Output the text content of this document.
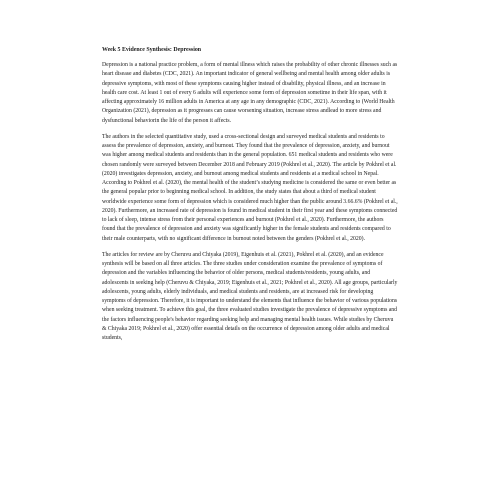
Week 5 Evidence Synthesis: Depression

Depression is a national practice problem, a form of mental illness which raises the probability of other chronic illnesses such as heart disease and diabetes (CDC, 2021). An important indicator of general wellbeing and mental health among older adults is depressive symptoms, with most of these symptoms causing higher instead of disability, physical illness, and an increase in health care cost. At least 1 out of every 6 adults will experience some form of depression sometime in their life span, with it affecting approximately 16 million adults in America at any age in any demographic (CDC, 2021). According to (World Health Organization (2021), depression as it progresses can cause worsening situation, increase stress andlead to more stress and dysfunctional behaviorin the life of the person it affects.

The authors in the selected quantitative study, used a cross-sectional design and surveyed medical students and residents to assess the prevalence of depression, anxiety, and burnout. They found that the prevalence of depression, anxiety, and burnout was higher among medical students and residents than in the general population. 651 medical students and residents who were chosen randomly were surveyed between December 2018 and February 2019 (Pokhrel et al., 2020). The article by Pokhrel et al. (2020) investigates depression, anxiety, and burnout among medical students and residents at a medical school in Nepal. According to Pokhrel et al. (2020), the mental health of the student’s studying medicine is considered the same or even better as the general popular prior to beginning medical school. In addition, the study states that about a third of medical student worldwide experience some form of depression which is considered much higher than the public around 3.66.6% (Pokhrel et al., 2020). Furthermore, an increased rate of depression is found in medical student in their first year and these symptoms connected to lack of sleep, intense stress from their personal experiences and burnout (Pokhrel et al., 2020). Furthermore, the authors found that the prevalence of depression and anxiety was significantly higher in the female students and residents compared to their male counterparts, with no significant difference in burnout noted between the genders (Pokhrel et al., 2020).

The articles for review are by Cheruvu and Chiyaka (2019), Eigenhuis et al. (2021), Pokhrel et al. (2020), and an evidence synthesis will be based on all three articles. The three studies under consideration examine the prevalence of symptoms of depression and the variables influencing the behavior of older persons, medical students/residents, young adults, and adolescents in seeking help (Cheruvu & Chiyaka, 2019; Eigenhuis et al., 2021; Pokhrel et al., 2020). All age groups, particularly adolescents, young adults, elderly individuals, and medical students and residents, are at increased risk for developing symptoms of depression. Therefore, it is important to understand the elements that influence the behavior of various populations when seeking treatment. To achieve this goal, the three evaluated studies investigate the prevalence of depressive symptoms and the factors influencing people's behavior regarding seeking help and managing mental health issues. While studies by Cheruvu & Chiyaka 2019; Pokhrel et al., 2020) offer essential details on the occurrence of depression among older adults and medical students,
